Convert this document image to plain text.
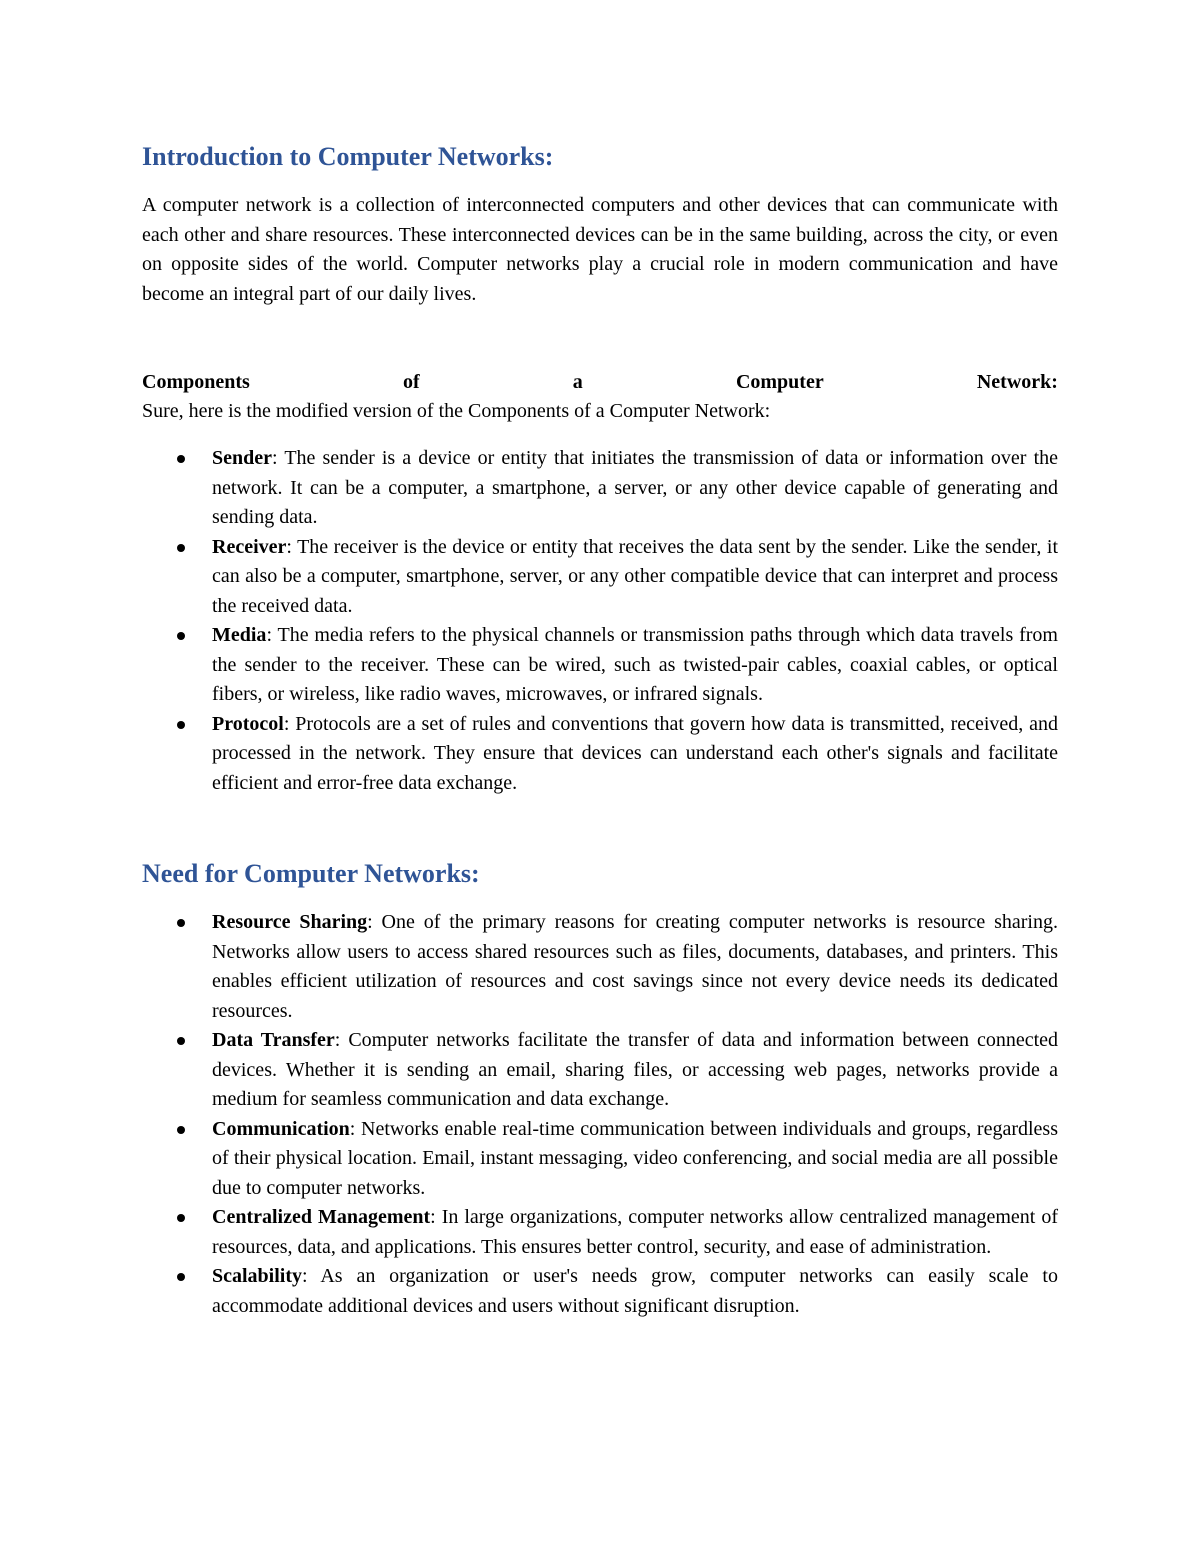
Introduction to Computer Networks:

A computer network is a collection of interconnected computers and other devices that can communicate with each other and share resources. These interconnected devices can be in the same building, across the city, or even on opposite sides of the world. Computer networks play a crucial role in modern communication and have become an integral part of our daily lives.

Components	of	a	Computer	Network:

Sure, here is the modified version of the Components of a Computer Network:

Sender: The sender is a device or entity that initiates the transmission of data or information over the network. It can be a computer, a smartphone, a server, or any other device capable of generating and sending data.
Receiver: The receiver is the device or entity that receives the data sent by the sender. Like the sender, it can also be a computer, smartphone, server, or any other compatible device that can interpret and process the received data.
Media: The media refers to the physical channels or transmission paths through which data travels from the sender to the receiver. These can be wired, such as twisted-pair cables, coaxial cables, or optical fibers, or wireless, like radio waves, microwaves, or infrared signals.
Protocol: Protocols are a set of rules and conventions that govern how data is transmitted, received, and processed in the network. They ensure that devices can understand each other's signals and facilitate efficient and error-free data exchange.
Need for Computer Networks:
Resource Sharing: One of the primary reasons for creating computer networks is resource sharing. Networks allow users to access shared resources such as files, documents, databases, and printers. This enables efficient utilization of resources and cost savings since not every device needs its dedicated resources.
Data Transfer: Computer networks facilitate the transfer of data and information between connected devices. Whether it is sending an email, sharing files, or accessing web pages, networks provide a medium for seamless communication and data exchange.
Communication: Networks enable real-time communication between individuals and groups, regardless of their physical location. Email, instant messaging, video conferencing, and social media are all possible due to computer networks.
Centralized Management: In large organizations, computer networks allow centralized management of resources, data, and applications. This ensures better control, security, and ease of administration.
Scalability: As an organization or user's needs grow, computer networks can easily scale to accommodate additional devices and users without significant disruption.
